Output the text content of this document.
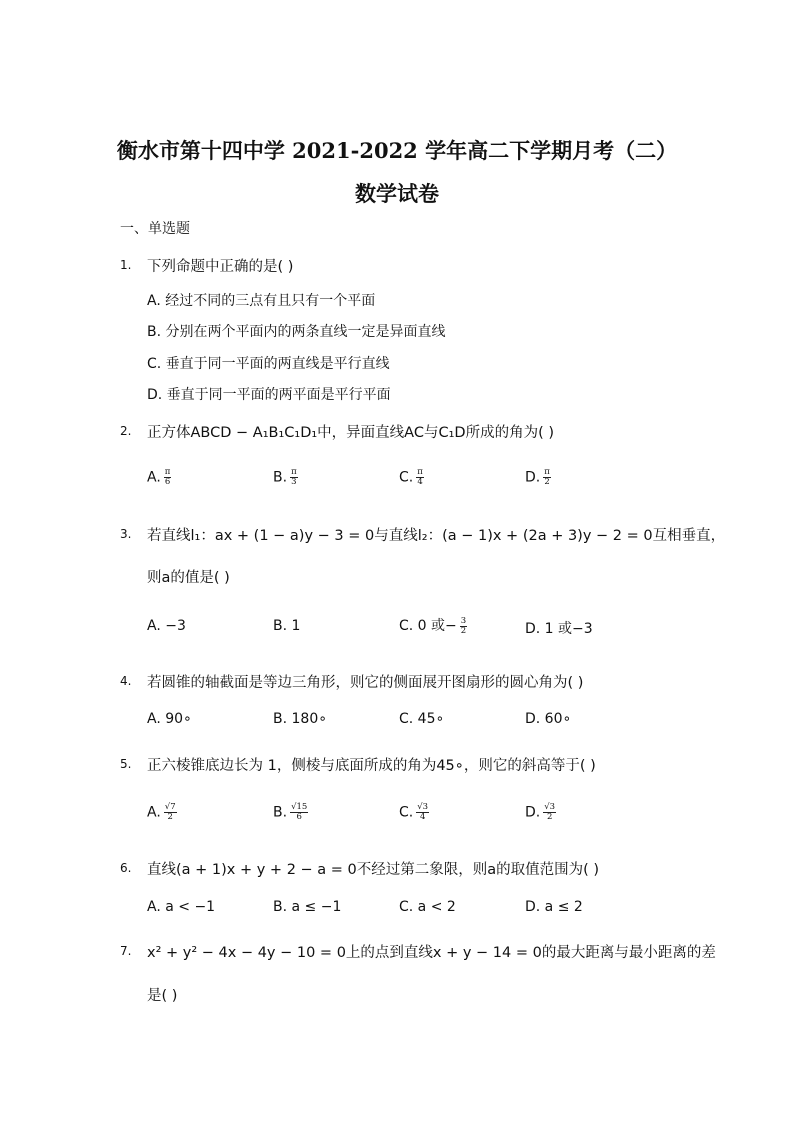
衡水市第十四中学 2021-2022 学年高二下学期月考（二）
数学试卷
一、单选题
1. 下列命题中正确的是( )
A. 经过不同的三点有且只有一个平面
B. 分别在两个平面内的两条直线一定是异面直线
C. 垂直于同一平面的两直线是平行直线
D. 垂直于同一平面的两平面是平行平面
2. 正方体ABCD − A₁B₁C₁D₁中，异面直线AC与C₁D所成的角为( )
A. $\frac{\pi}{6}$	B. $\frac{\pi}{3}$	C. $\frac{\pi}{4}$	D. $\frac{\pi}{2}$
3. 若直线l₁：ax + (1 − a)y − 3 = 0与直线l₂：(a − 1)x + (2a + 3)y − 2 = 0互相垂直，
则a的值是( )
A. −3	B. 1	C. 0 或− $\frac{3}{2}$	D. 1 或−3
4. 若圆锥的轴截面是等边三角形，则它的侧面展开图扇形的圆心角为( )
A. 90∘	B. 180∘	C. 45∘	D. 60∘
5. 正六棱锥底边长为 1，侧棱与底面所成的角为45∘，则它的斜高等于( )
A. $\frac{√7}{2}$	B. $\frac{√15}{6}$	C. $\frac{√3}{4}$	D. $\frac{√3}{2}$
6. 直线(a + 1)x + y + 2 − a = 0不经过第二象限，则a的取值范围为( )
A. a < −1	B. a ≤ −1	C. a < 2	D. a ≤ 2
7. x² + y² − 4x − 4y − 10 = 0上的点到直线x + y − 14 = 0的最大距离与最小距离的差
是( )
